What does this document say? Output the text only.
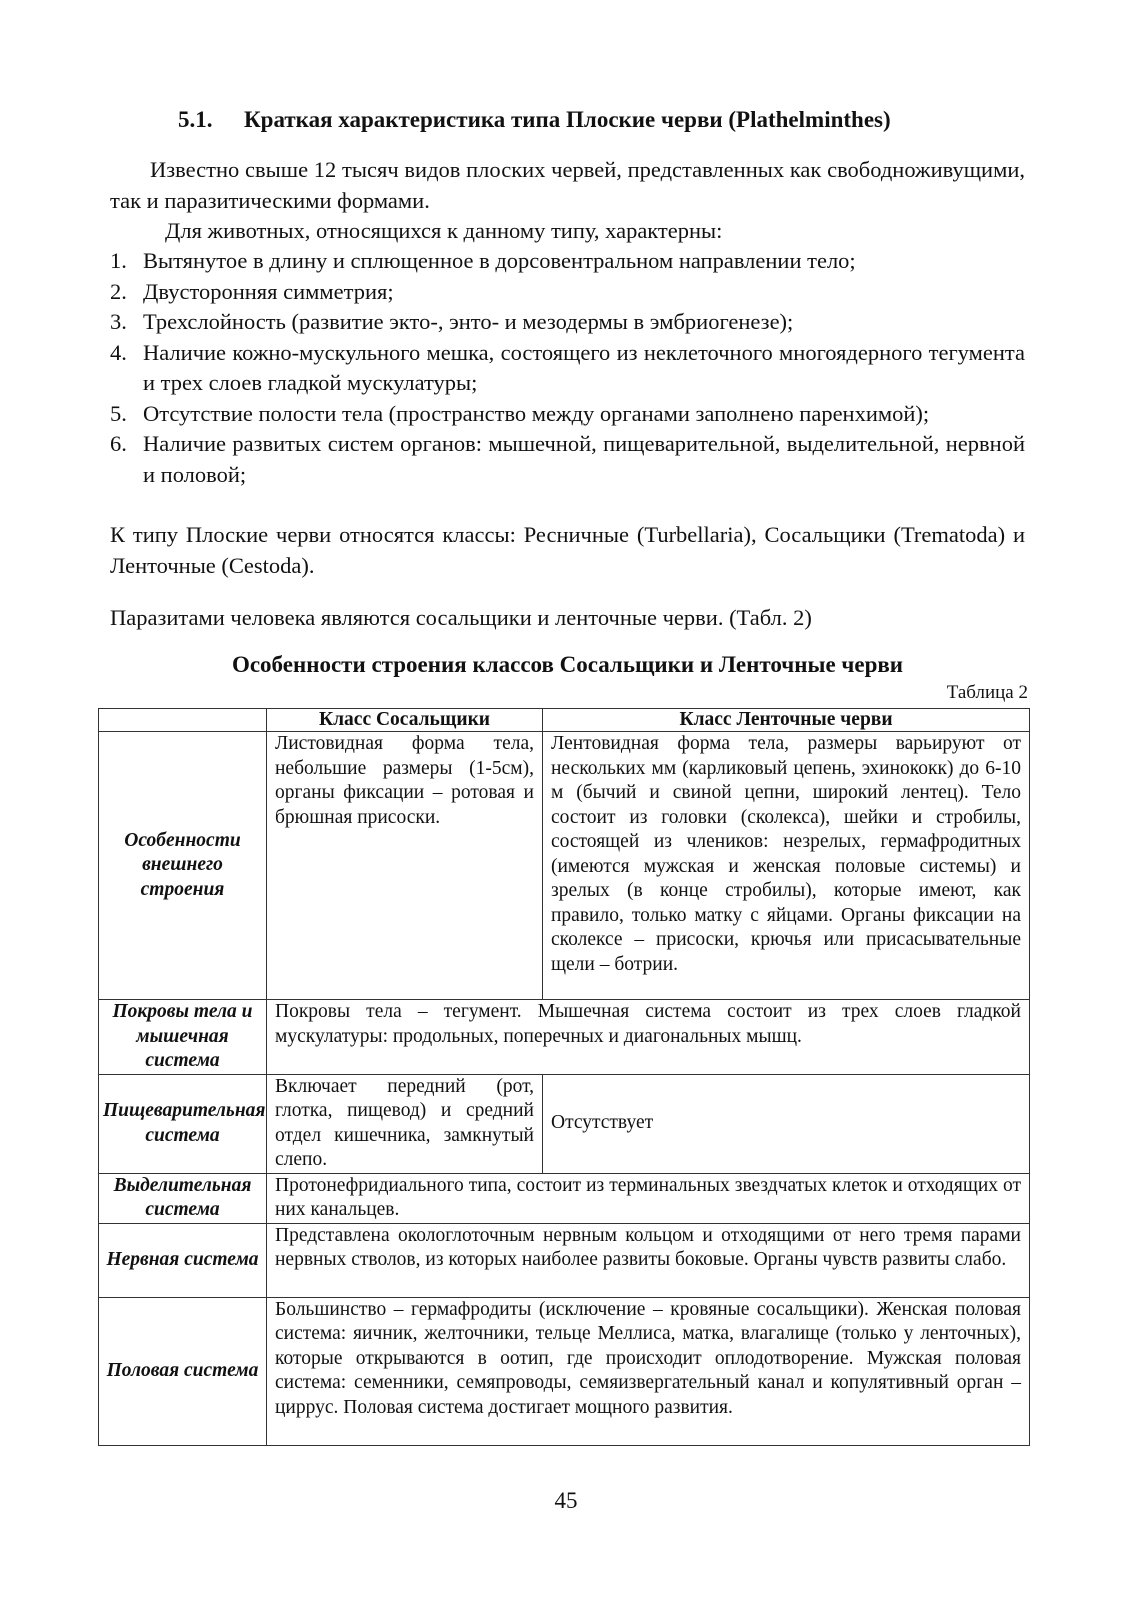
5.1. Краткая характеристика типа Плоские черви (Plathelminthes)
Известно свыше 12 тысяч видов плоских червей, представленных как свободноживущими, так и паразитическими формами.
Для животных, относящихся к данному типу, характерны:
1. Вытянутое в длину и сплющенное в дорсовентральном направлении тело;
2. Двусторонняя симметрия;
3. Трехслойность (развитие экто-, энто- и мезодермы в эмбриогенезе);
4. Наличие кожно-мускульного мешка, состоящего из неклеточного многоядерного тегумента и трех слоев гладкой мускулатуры;
5. Отсутствие полости тела (пространство между органами заполнено паренхимой);
6. Наличие развитых систем органов: мышечной, пищеварительной, выделительной, нервной и половой;
К типу Плоские черви относятся классы: Ресничные (Turbellaria), Сосальщики (Trematoda) и Ленточные (Cestoda).
Паразитами человека являются сосальщики и ленточные черви. (Табл. 2)
Особенности строения классов Сосальщики и Ленточные черви
Таблица 2
	Класс Сосальщики	Класс Ленточные черви
Особенности внешнего строения	Листовидная форма тела, небольшие размеры (1-5см), органы фиксации – ротовая и брюшная присоски.	Лентовидная форма тела, размеры варьируют от нескольких мм (карликовый цепень, эхинококк) до 6-10 м (бычий и свиной цепни, широкий лентец). Тело состоит из головки (сколекса), шейки и стробилы, состоящей из члеников: незрелых, гермафродитных (имеются мужская и женская половые системы) и зрелых (в конце стробилы), которые имеют, как правило, только матку с яйцами. Органы фиксации на сколексе – присоски, крючья или присасывательные щели – ботрии.
Покровы тела и мышечная система	Покровы тела – тегумент. Мышечная система состоит из трех слоев гладкой мускулатуры: продольных, поперечных и диагональных мышц.	
Пищеварительная система	Включает передний (рот, глотка, пищевод) и средний отдел кишечника, замкнутый слепо.	Отсутствует
Выделительная система	Протонефридиального типа, состоит из терминальных звездчатых клеток и отходящих от них канальцев.	
Нервная система	Представлена окологлоточным нервным кольцом и отходящими от него тремя парами нервных стволов, из которых наиболее развиты боковые. Органы чувств развиты слабо.	
Половая система	Большинство – гермафродиты (исключение – кровяные сосальщики). Женская половая система: яичник, желточники, тельце Меллиса, матка, влагалище (только у ленточных), которые открываются в оотип, где происходит оплодотворение. Мужская половая система: семенники, семяпроводы, семяизвергательный канал и копулятивный орган – циррус. Половая система достигает мощного развития.	
45
